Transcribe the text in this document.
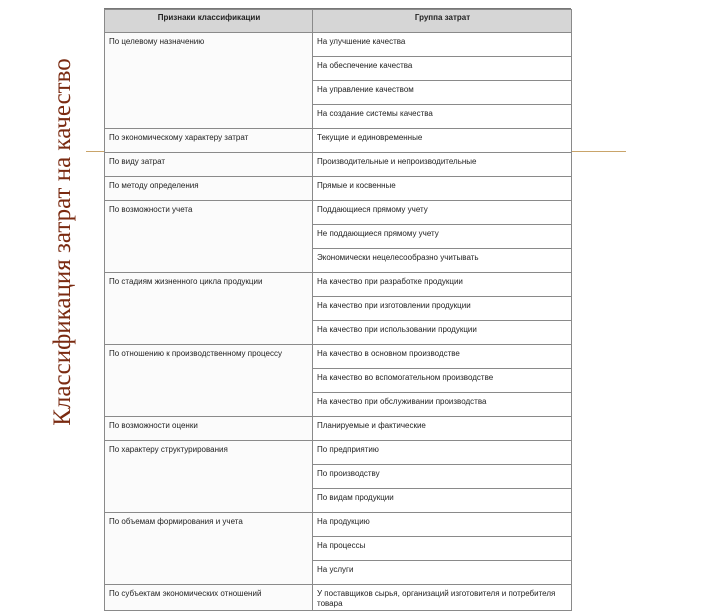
Классификация затрат на качество
Признаки классификации	Группа затрат
По целевому назначению	На улучшение качества
	На обеспечение качества
	На управление качеством
	На создание системы качества
По экономическому характеру затрат	Текущие и единовременные
По виду затрат	Производительные и непроизводительные
По методу определения	Прямые и косвенные
По возможности учета	Поддающиеся прямому учету
	Не поддающиеся прямому учету
	Экономически нецелесообразно учитывать
По стадиям жизненного цикла продукции	На качество при разработке продукции
	На качество при изготовлении продукции
	На качество при использовании продукции
По отношению к производственному процессу	На качество в основном производстве
	На качество во вспомогательном производстве
	На качество при обслуживании производства
По возможности оценки	Планируемые и фактические
По характеру структурирования	По предприятию
	По производству
	По видам продукции
По объемам формирования и учета	На продукцию
	На процессы
	На услуги
По субъектам экономических отношений	У поставщиков сырья, организаций изготовителя и потребителя товара
